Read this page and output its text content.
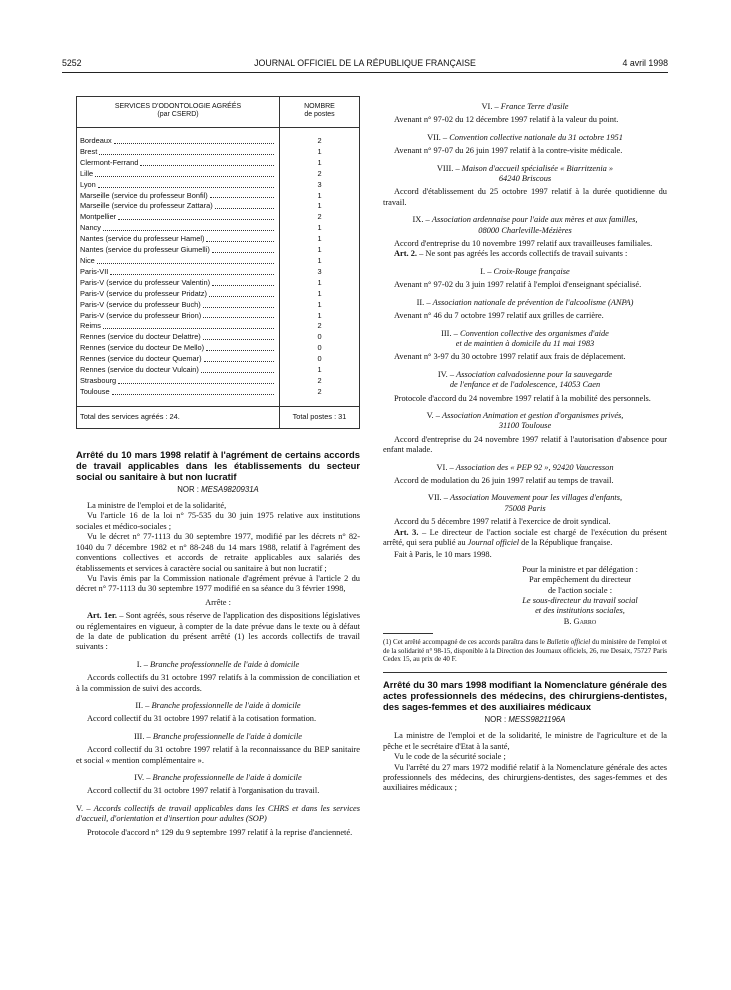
5252	JOURNAL OFFICIEL DE LA RÉPUBLIQUE FRANÇAISE	4 avril 1998
SERVICES D'ODONTOLOGIE AGRÉÉS
(par CSERD)	NOMBRE
de postes

Bordeaux	2

Brest	1

Clermont-Ferrand	1

Lille	2

Lyon	3

Marseille (service du professeur Bonfil)	1

Marseille (service du professeur Zattara)	1

Montpellier	2

Nancy	1

Nantes (service du professeur Hamel)	1

Nantes (service du professeur Giumelli)	1

Nice	1

Paris-VII	3

Paris-V (service du professeur Valentin)	1

Paris-V (service du professeur Pridatz)	1

Paris-V (service du professeur Buch)	1

Paris-V (service du professeur Brion)	1

Reims	2

Rennes (service du docteur Delattre)	0

Rennes (service du docteur De Mello)	0

Rennes (service du docteur Quemar)	0

Rennes (service du docteur Vulcain)	1

Strasbourg	2

Toulouse	2

Total des services agréés : 24.	Total postes : 31

Arrêté du 10 mars 1998 relatif à l'agrément de certains accords de travail applicables dans les établissements du secteur social ou sanitaire à but non lucratif

NOR : MESA9820931A

La ministre de l'emploi et de la solidarité,

Vu l'article 16 de la loi n° 75-535 du 30 juin 1975 relative aux institutions sociales et médico-sociales ;

Vu le décret n° 77-1113 du 30 septembre 1977, modifié par les décrets n° 82-1040 du 7 décembre 1982 et n° 88-248 du 14 mars 1988, relatif à l'agrément des conventions collectives et accords de retraite applicables aux salariés des établissements et services à caractère social ou sanitaire à but non lucratif ;

Vu l'avis émis par la Commission nationale d'agrément prévue à l'article 2 du décret n° 77-1113 du 30 septembre 1977 modifié en sa séance du 3 février 1998,

Arrête :

Art. 1er. – Sont agréés, sous réserve de l'application des dispositions législatives ou réglementaires en vigueur, à compter de la date prévue dans le texte ou à défaut de la date de publication du présent arrêté (1) les accords collectifs de travail suivants :

I. – Branche professionnelle de l'aide à domicile

Accords collectifs du 31 octobre 1997 relatifs à la commission de conciliation et à la commission de suivi des accords.

II. – Branche professionnelle de l'aide à domicile

Accord collectif du 31 octobre 1997 relatif à la cotisation formation.

III. – Branche professionnelle de l'aide à domicile

Accord collectif du 31 octobre 1997 relatif à la reconnaissance du BEP sanitaire et social « mention complémentaire ».

IV. – Branche professionnelle de l'aide à domicile

Accord collectif du 31 octobre 1997 relatif à l'organisation du travail.

V. – Accords collectifs de travail applicables dans les CHRS et dans les services d'accueil, d'orientation et d'insertion pour adultes (SOP)

Protocole d'accord n° 129 du 9 septembre 1997 relatif à la reprise d'ancienneté.

VI. – France Terre d'asile

Avenant n° 97-02 du 12 décembre 1997 relatif à la valeur du point.

VII. – Convention collective nationale du 31 octobre 1951

Avenant n° 97-07 du 26 juin 1997 relatif à la contre-visite médicale.

VIII. – Maison d'accueil spécialisée « Biarritzenia »
64240 Briscous

Accord d'établissement du 25 octobre 1997 relatif à la durée quotidienne du travail.

IX. – Association ardennaise pour l'aide aux mères et aux familles,
08000 Charleville-Mézières

Accord d'entreprise du 10 novembre 1997 relatif aux travailleuses familiales.

Art. 2. – Ne sont pas agréés les accords collectifs de travail suivants :

I. – Croix-Rouge française

Avenant n° 97-02 du 3 juin 1997 relatif à l'emploi d'enseignant spécialisé.

II. – Association nationale de prévention de l'alcoolisme (ANPA)

Avenant n° 46 du 7 octobre 1997 relatif aux grilles de carrière.

III. – Convention collective des organismes d'aide
et de maintien à domicile du 11 mai 1983

Avenant n° 3-97 du 30 octobre 1997 relatif aux frais de déplacement.

IV. – Association calvadosienne pour la sauvegarde
de l'enfance et de l'adolescence, 14053 Caen

Protocole d'accord du 24 novembre 1997 relatif à la mobilité des personnels.

V. – Association Animation et gestion d'organismes privés,
31100 Toulouse

Accord d'entreprise du 24 novembre 1997 relatif à l'autorisation d'absence pour enfant malade.

VI. – Association des « PEP 92 », 92420 Vaucresson

Accord de modulation du 26 juin 1997 relatif au temps de travail.

VII. – Association Mouvement pour les villages d'enfants,
75008 Paris

Accord du 5 décembre 1997 relatif à l'exercice de droit syndical.

Art. 3. – Le directeur de l'action sociale est chargé de l'exécution du présent arrêté, qui sera publié au Journal officiel de la République française.

Fait à Paris, le 10 mars 1998.

Pour la ministre et par délégation :

Par empêchement du directeur

de l'action sociale :

Le sous-directeur du travail social

et des institutions sociales,

B. Garro

(1) Cet arrêté accompagné de ces accords paraîtra dans le Bulletin officiel du ministère de l'emploi et de la solidarité n° 98-15, disponible à la Direction des Journaux officiels, 26, rue Desaix, 75727 Paris Cedex 15, au prix de 40 F.

Arrêté du 30 mars 1998 modifiant la Nomenclature générale des actes professionnels des médecins, des chirurgiens-dentistes, des sages-femmes et des auxiliaires médicaux

NOR : MESS9821196A

La ministre de l'emploi et de la solidarité, le ministre de l'agriculture et de la pêche et le secrétaire d'Etat à la santé,

Vu le code de la sécurité sociale ;

Vu l'arrêté du 27 mars 1972 modifié relatif à la Nomenclature générale des actes professionnels des médecins, des chirurgiens-dentistes, des sages-femmes et des auxiliaires médicaux ;
